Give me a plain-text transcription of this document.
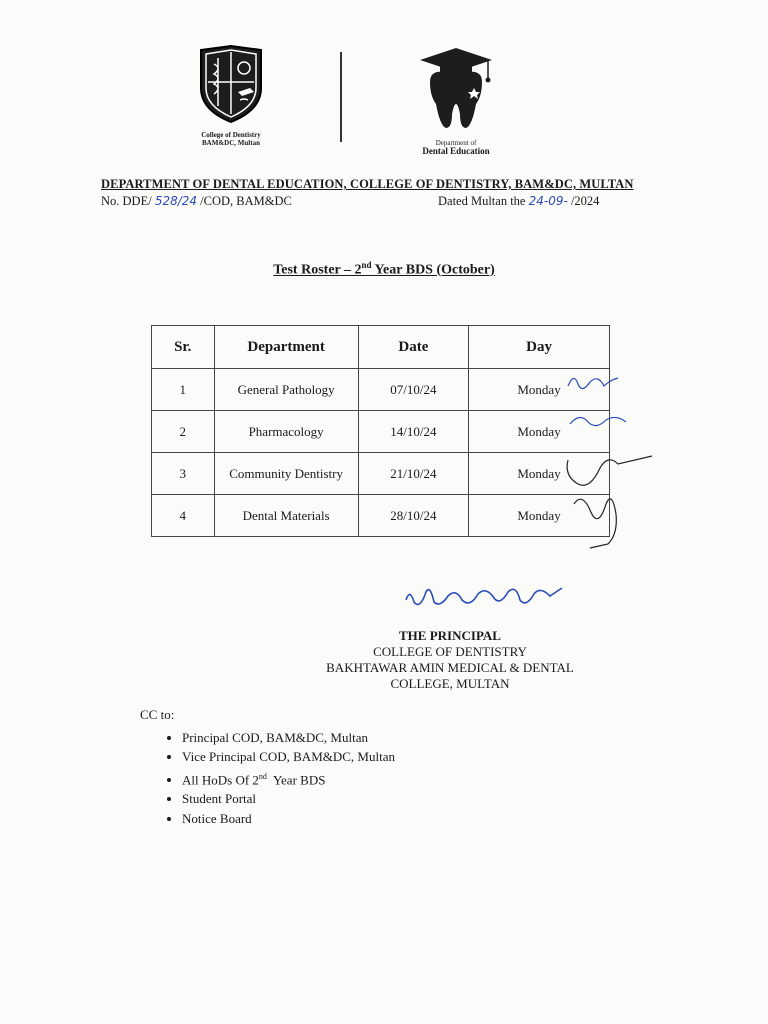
College of Dentistry
BAM&DC, Multan	Department of
Dental Education
DEPARTMENT OF DENTAL EDUCATION, COLLEGE OF DENTISTRY, BAM&DC, MULTAN
No. DDE/ 528/24 /COD, BAM&DC	Dated Multan the 24-09- /2024
Test Roster – 2nd Year BDS (October)
Sr.	Department	Date	Day
1	General Pathology	07/10/24	Monday
2	Pharmacology	14/10/24	Monday
3	Community Dentistry	21/10/24	Monday
4	Dental Materials	28/10/24	Monday
THE PRINCIPAL
COLLEGE OF DENTISTRY
BAKHTAWAR AMIN MEDICAL & DENTAL
COLLEGE, MULTAN
CC to:
• Principal COD, BAM&DC, Multan
• Vice Principal COD, BAM&DC, Multan
• All HoDs Of 2nd  Year BDS
• Student Portal
• Notice Board
